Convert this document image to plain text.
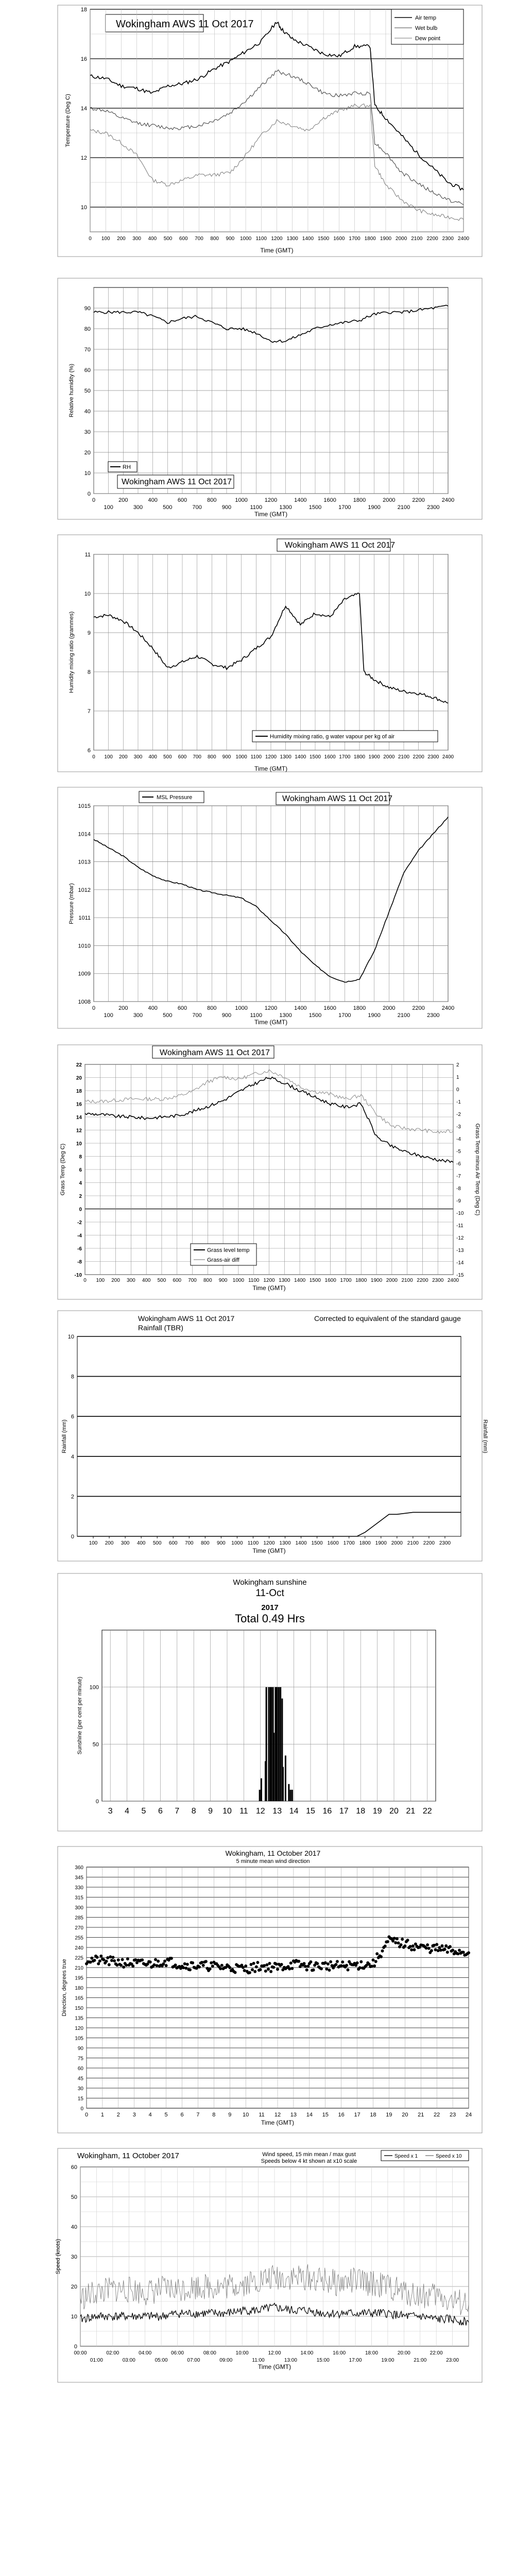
Wokingham AWS 11 Oct 2017
10
12
14
16
18
0 100 200 300 400 500 600 700 800 900 1000 1100 1200 1300 1400 1500 1600 1700 1800 1900 2000 2100 2200 2300 2400
Time (GMT)
Temperature (Deg C)
Air temp
Wet bulb
Dew point
0
10
20
30
40
50
60
70
80
90
0
100
200
300
400
500
600
700
800
900
1000
1100
1200
1300
1400
1500
1600
1700
1800
1900
2000
2100
2200
2300
2400
Relative humidity (%)
Time (GMT)
RH
Wokingham AWS 11 Oct 2017
6
7
8
9
10
11
0 100 200 300 400 500 600 700 800 900 1000 1100 1200 1300 1400 1500 1600 1700 1800 1900 2000 2100 2200 2300 2400
Time (GMT)
Humidity mixing ratio (grammes)
Humidity mixing ratio, g water vapour per kg of air
Wokingham AWS 11 Oct 2017
1008
1009
1010
1011
1012
1013
1014
1015
0
100
200
300
400
500
600
700
800
900
1000
1100
1200
1300
1400
1500
1600
1700
1800
1900
2000
2100
2200
2300
2400
Pressure (mbar)
Time (GMT)
MSL Pressure	Wokingham AWS 11 Oct 2017
-10
-8
-6
-4
-2
0
2
4
6
8
10
12
14
16
18
20
22
-15
-14
-13
-12
-11
-10
-9
-8
-7
-6
-5
-4
-3
-2
-1
0
1
2
0 100 200 300 400 500 600 700 800 900 1000 1100 1200 1300 1400 1500 1600 1700 1800 1900 2000 2100 2200 2300 2400
Grass Temp (Deg C)	Grass Temp minus Air Temp (Deg C)
Time (GMT)
Grass level temp
Grass-air diff
Wokingham AWS 11 Oct 2017
0
2
4
6
8
10
100 200 300 400 500 600 700 800 900 1000 1100 1200 1300 1400 1500 1600 1700 1800 1900 2000 2100 2200 2300
Rainfall (mm)	Rainfall (mm)
Time (GMT)
Wokingham AWS 11 Oct 2017
Rainfall (TBR)
Corrected to equivalent of the standard gauge
0
50
100
3 4 5 6 7 8 9 10 11 12 13 14 15 16 17 18 19 20 21 22
Sunshine (per cent per minute)
Wokingham sunshine
11-Oct
2017
Total 0.49 Hrs
0
15
30
45
60
75
90
105
120
135
150
165
180
195
210
225
240
255
270
285
300
315
330
345
360
0 1 2 3 4 5 6 7 8 9 10 11 12 13 14 15 16 17 18 19 20 21 22 23 24
Direction, degrees true
Time (GMT)
Wokingham, 11 October 2017
5 minute mean wind direction
0
10
20
30
40
50
60
00:00	02:00	04:00	06:00	08:00	10:00	12:00	14:00	16:00	18:00	20:00	22:00
01:00	03:00	05:00	07:00	09:00	11:00	13:00	15:00	17:00	19:00	21:00	23:00
Speed (knots)
Time (GMT)
Speed x 1	Speed x 10
Wokingham, 11 October 2017	Wind speed, 15 min mean / max gust
Speeds below 4 kt shown at x10 scale
